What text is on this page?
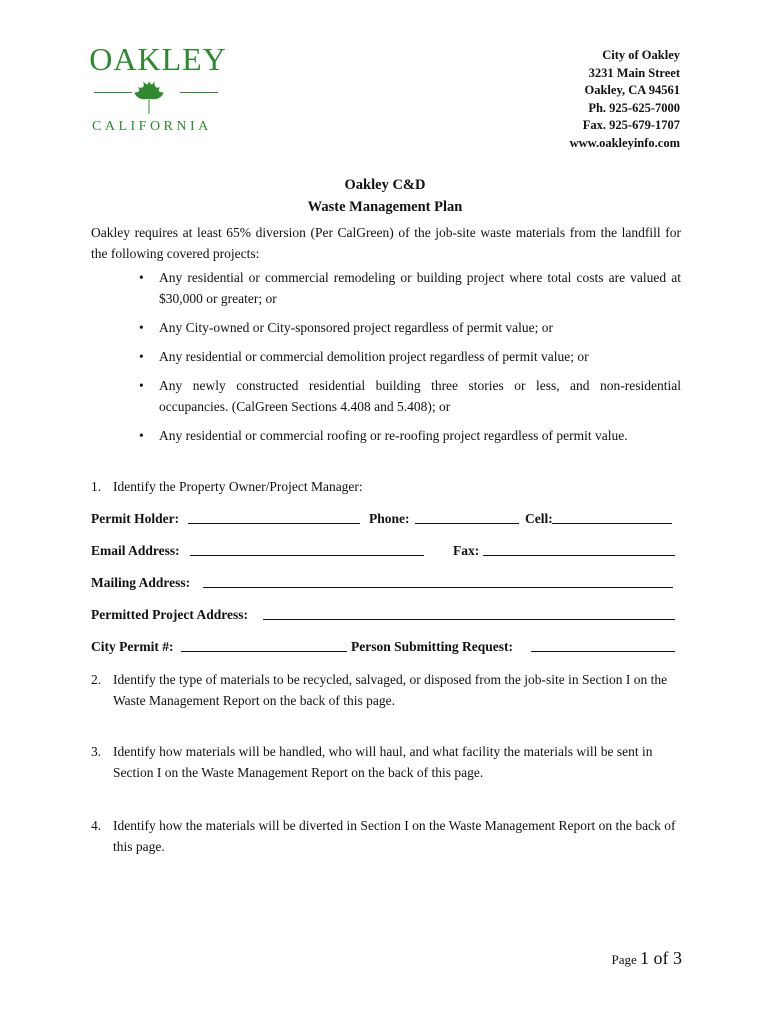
OAKLEY
CALIFORNIA
City of Oakley
3231 Main Street
Oakley, CA 94561
Ph. 925-625-7000
Fax. 925-679-1707
www.oakleyinfo.com
Oakley C&D
Waste Management Plan
Oakley requires at least 65% diversion (Per CalGreen) of the job-site waste materials from the landfill for the following covered projects:
• Any residential or commercial remodeling or building project where total costs are valued at $30,000 or greater; or
• Any City-owned or City-sponsored project regardless of permit value; or
• Any residential or commercial demolition project regardless of permit value; or
• Any newly constructed residential building three stories or less, and non-residential occupancies. (CalGreen Sections 4.408 and 5.408); or
• Any residential or commercial roofing or re-roofing project regardless of permit value.
1. Identify the Property Owner/Project Manager:
Permit Holder:	Phone:	Cell:
Email Address:	Fax:
Mailing Address:
Permitted Project Address:
City Permit #:	Person Submitting Request:
2. Identify the type of materials to be recycled, salvaged, or disposed from the job-site in Section I on the Waste Management Report on the back of this page.
3. Identify how materials will be handled, who will haul, and what facility the materials will be sent in Section I on the Waste Management Report on the back of this page.
4. Identify how the materials will be diverted in Section I on the Waste Management Report on the back of this page.
Page 1 of 3
